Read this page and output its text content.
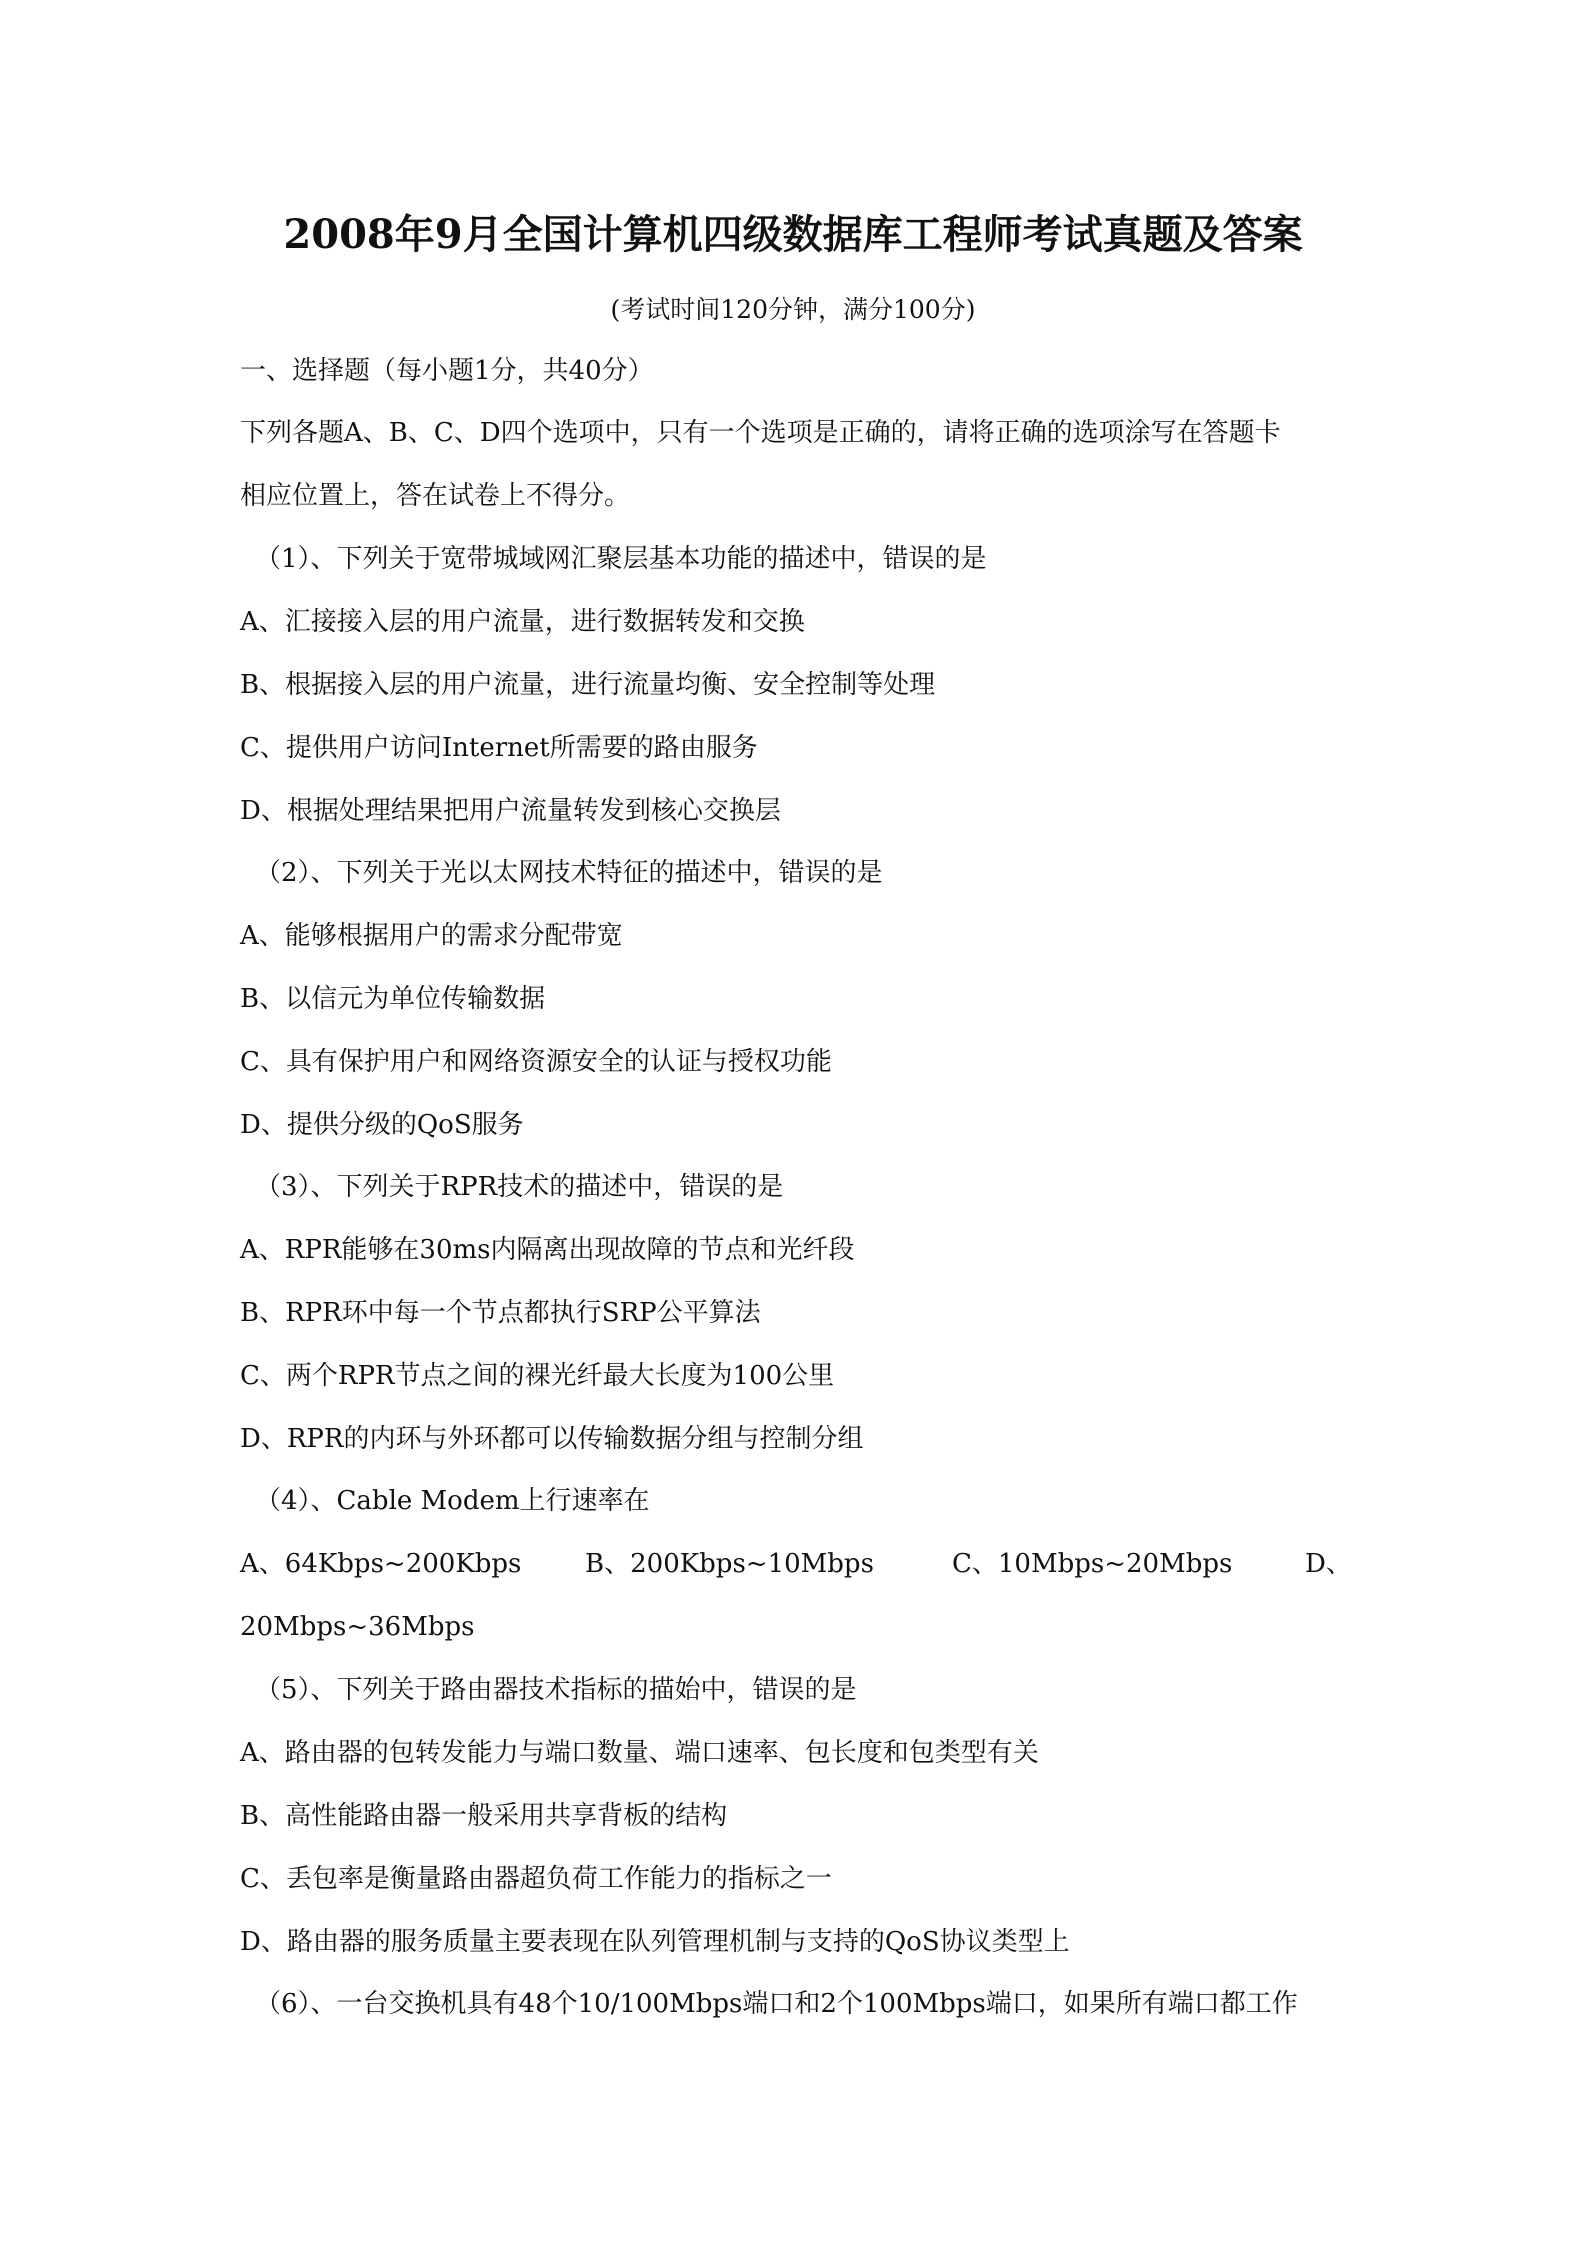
2008年9月全国计算机四级数据库工程师考试真题及答案
(考试时间120分钟，满分100分)
一、选择题（每小题1分，共40分）
下列各题A、B、C、D四个选项中，只有一个选项是正确的，请将正确的选项涂写在答题卡
相应位置上，答在试卷上不得分。
（1）、下列关于宽带城域网汇聚层基本功能的描述中，错误的是
A、汇接接入层的用户流量，进行数据转发和交换
B、根据接入层的用户流量，进行流量均衡、安全控制等处理
C、提供用户访问Internet所需要的路由服务
D、根据处理结果把用户流量转发到核心交换层
（2）、下列关于光以太网技术特征的描述中，错误的是
A、能够根据用户的需求分配带宽
B、以信元为单位传输数据
C、具有保护用户和网络资源安全的认证与授权功能
D、提供分级的QoS服务
（3）、下列关于RPR技术的描述中，错误的是
A、RPR能够在30ms内隔离出现故障的节点和光纤段
B、RPR环中每一个节点都执行SRP公平算法
C、两个RPR节点之间的裸光纤最大长度为100公里
D、RPR的内环与外环都可以传输数据分组与控制分组
（4）、Cable Modem上行速率在
A、64Kbps~200Kbps B、200Kbps~10Mbps	C、10Mbps~20Mbps	D、
20Mbps~36Mbps
（5）、下列关于路由器技术指标的描始中，错误的是
A、路由器的包转发能力与端口数量、端口速率、包长度和包类型有关
B、高性能路由器一般采用共享背板的结构
C、丢包率是衡量路由器超负荷工作能力的指标之一
D、路由器的服务质量主要表现在队列管理机制与支持的QoS协议类型上
（6）、一台交换机具有48个10/100Mbps端口和2个100Mbps端口，如果所有端口都工作
